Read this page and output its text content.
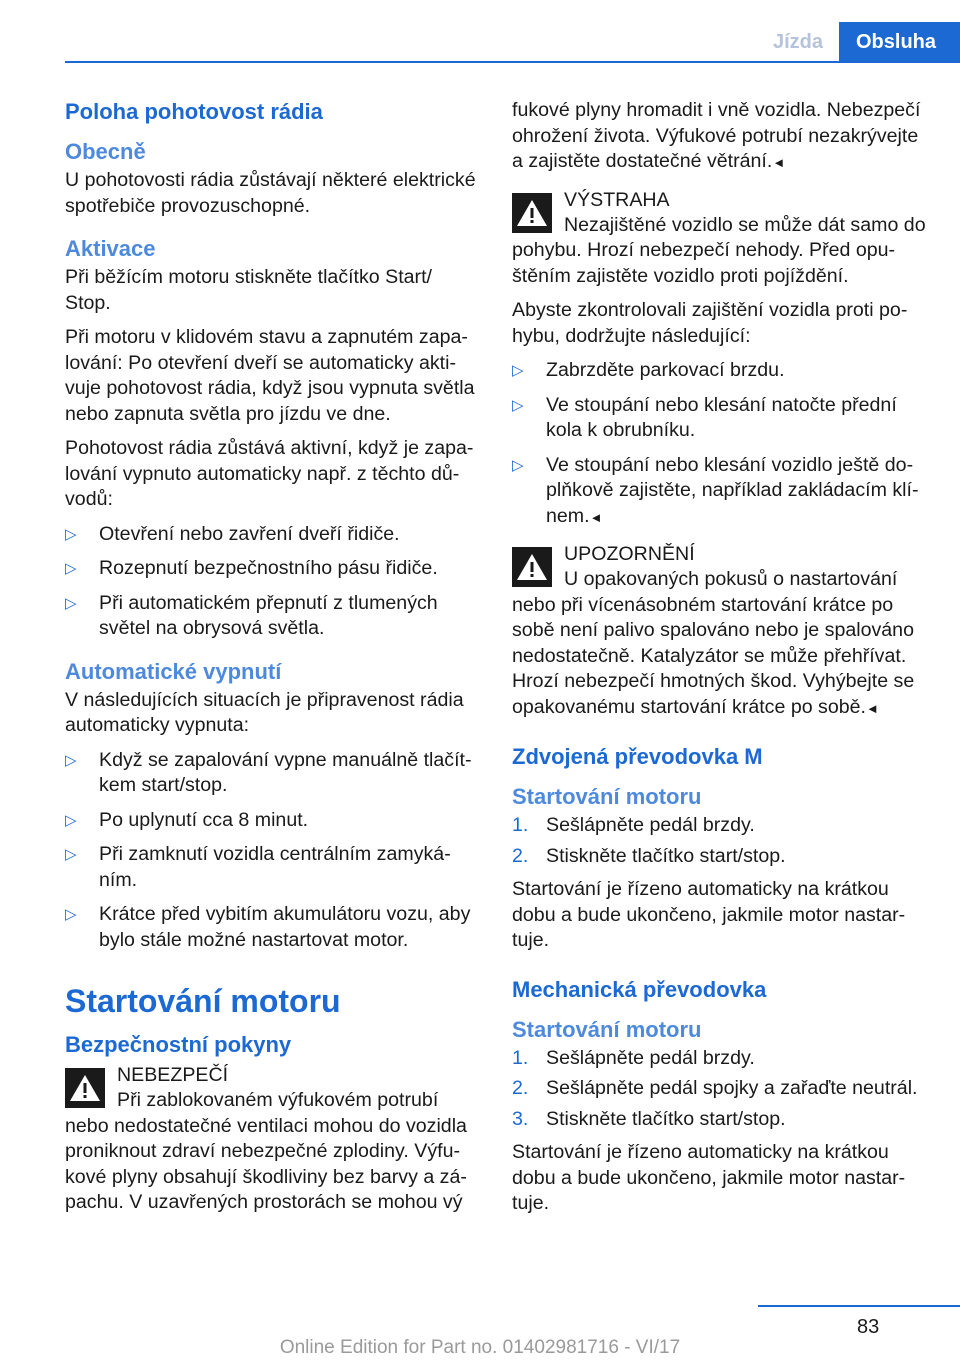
Jízda	Obsluha
Poloha pohotovost rádia
Obecně

U pohotovosti rádia zůstávají některé elektrické spotřebiče provozuschopné.

Aktivace

Při běžícím motoru stiskněte tlačítko Start/ Stop.

Při motoru v klidovém stavu a zapnutém zapalování: Po otevření dveří se automaticky aktivuje pohotovost rádia, když jsou vypnuta světla nebo zapnuta světla pro jízdu ve dne.

Pohotovost rádia zůstává aktivní, když je zapalování vypnuto automaticky např. z těchto důvodů:

▷ Otevření nebo zavření dveří řidiče.
▷ Rozepnutí bezpečnostního pásu řidiče.
▷ Při automatickém přepnutí z tlumených světel na obrysová světla.
Automatické vypnutí

V následujících situacích je připravenost rádia automaticky vypnuta:

▷ Když se zapalování vypne manuálně tlačítkem start/stop.
▷ Po uplynutí cca 8 minut.
▷ Při zamknutí vozidla centrálním zamykáním.
▷ Krátce před vybitím akumulátoru vozu, aby bylo stále možné nastartovat motor.
Startování motoru
Bezpečnostní pokyny
NEBEZPEČÍ

Při zablokovaném výfukovém potrubí nebo nedostatečné ventilaci mohou do vozidla proniknout zdraví nebezpečné zplodiny. Výfukové plyny obsahují škodliviny bez barvy a zápachu. V uzavřených prostorách se mohou vý

fukové plyny hromadit i vně vozidla. Nebezpečí ohrožení života. Výfukové potrubí nezakrývejte a zajistěte dostatečné větrání.◄

VÝSTRAHA

Nezajištěné vozidlo se může dát samo do pohybu. Hrozí nebezpečí nehody. Před opuštěním zajistěte vozidlo proti pojíždění.

Abyste zkontrolovali zajištění vozidla proti pohybu, dodržujte následující:

▷ Zabrzděte parkovací brzdu.
▷ Ve stoupání nebo klesání natočte přední kola k obrubníku.
▷ Ve stoupání nebo klesání vozidlo ještě doplňkově zajistěte, například zakládacím klínem.◄
UPOZORNĚNÍ

U opakovaných pokusů o nastartování nebo při vícenásobném startování krátce po sobě není palivo spalováno nebo je spalováno nedostatečně. Katalyzátor se může přehřívat. Hrozí nebezpečí hmotných škod. Vyhýbejte se opakovanému startování krátce po sobě.◄
Zdvojená převodovka M
Startování motoru
1. Sešlápněte pedál brzdy.
2. Stiskněte tlačítko start/stop.

Startování je řízeno automaticky na krátkou dobu a bude ukončeno, jakmile motor nastartuje.

Mechanická převodovka
Startování motoru
1. Sešlápněte pedál brzdy.
2. Sešlápněte pedál spojky a zařaďte neutrál.
3. Stiskněte tlačítko start/stop.

Startování je řízeno automaticky na krátkou dobu a bude ukončeno, jakmile motor nastartuje.

83
Online Edition for Part no. 01402981716 - VI/17
